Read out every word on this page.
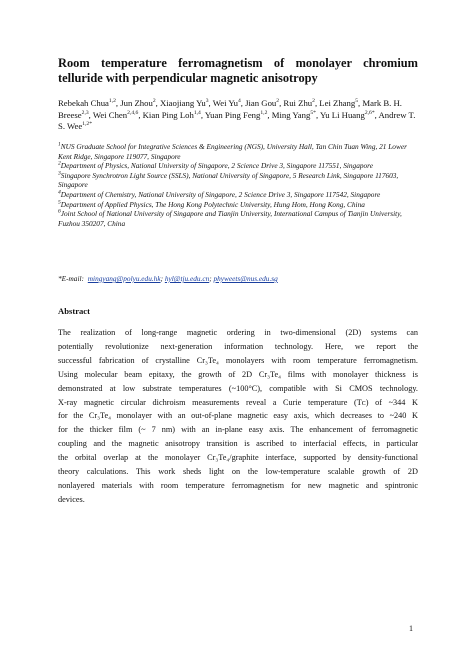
Room temperature ferromagnetism of monolayer chromium telluride with perpendicular magnetic anisotropy
Rebekah Chua$^{1,2}$, Jun Zhou$^2$, Xiaojiang Yu$^3$, Wei Yu$^4$, Jian Gou$^2$, Rui Zhu$^2$, Lei Zhang$^5$, Mark B. H. Breese$^{2,3}$, Wei Chen$^{2,4,6}$, Kian Ping Loh$^{1,4}$, Yuan Ping Feng$^{1,2}$, Ming Yang$^{5*}$, Yu Li Huang$^{2,6*}$, Andrew T. S. Wee$^{1,2*}$

$^1$NUS Graduate School for Integrative Sciences & Engineering (NGS), University Hall, Tan Chin Tuan Wing, 21 Lower Kent Ridge, Singapore 119077, Singapore

$^2$Department of Physics, National University of Singapore, 2 Science Drive 3, Singapore 117551, Singapore

$^3$Singapore Synchrotron Light Source (SSLS), National University of Singapore, 5 Research Link, Singapore 117603, Singapore

$^4$Department of Chemistry, National University of Singapore, 2 Science Drive 3, Singapore 117542, Singapore

$^5$Department of Applied Physics, The Hong Kong Polytechnic University, Hung Hom, Hong Kong, China

$^6$Joint School of National University of Singapore and Tianjin University, International Campus of Tianjin University, Fuzhou 350207, China

*E-mail: mingyang@polyu.edu.hk; hyl@tju.edu.cn; phyweets@nus.edu.sg
Abstract
The realization of long-range magnetic ordering in two-dimensional (2D) systems can
potentially revolutionize next-generation information technology. Here, we report the
successful fabrication of crystalline Cr₃Te₄ monolayers with room temperature ferromagnetism.
Using molecular beam epitaxy, the growth of 2D Cr₃Te₄ films with monolayer thickness is
demonstrated at low substrate temperatures (~100°C), compatible with Si CMOS technology.
X-ray magnetic circular dichroism measurements reveal a Curie temperature (Tᴄ) of ~344 K
for the Cr₃Te₄ monolayer with an out-of-plane magnetic easy axis, which decreases to ~240 K
for the thicker film (~ 7 nm) with an in-plane easy axis. The enhancement of ferromagnetic
coupling and the magnetic anisotropy transition is ascribed to interfacial effects, in particular
the orbital overlap at the monolayer Cr₃Te₄/graphite interface, supported by density-functional
theory calculations. This work sheds light on the low-temperature scalable growth of 2D
nonlayered materials with room temperature ferromagnetism for new magnetic and spintronic
devices.
1
